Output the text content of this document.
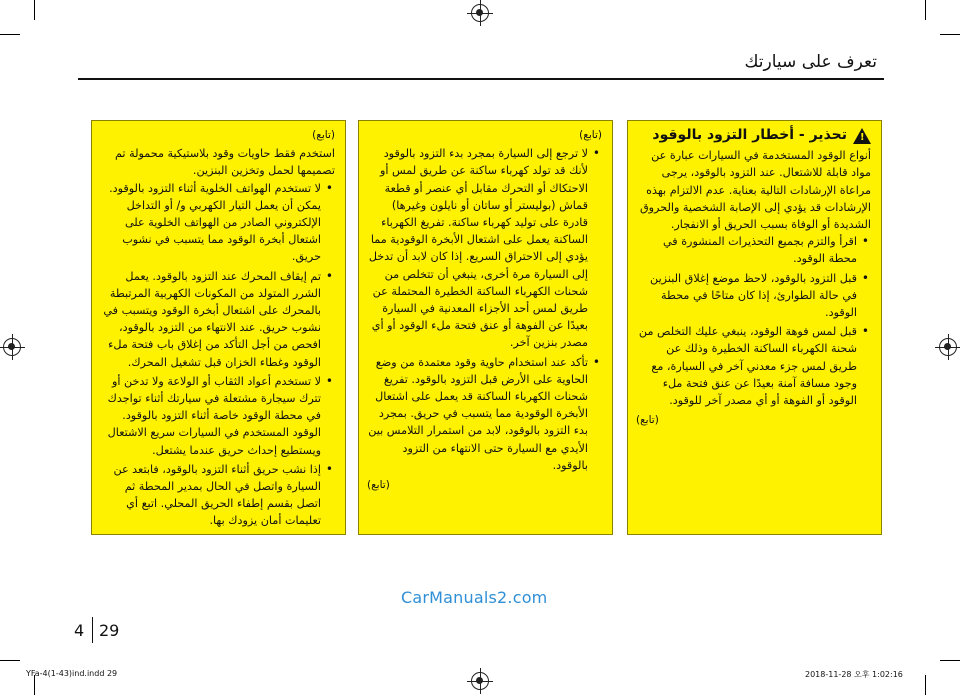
تعرف على سيارتك
!
تحذير - أخطار التزود بالوقود

أنواع الوقود المستخدمة في السيارات عبارة عن مواد قابلة للاشتعال. عند التزود بالوقود، يرجى مراعاة الإرشادات التالية بعناية. عدم الالتزام بهذه الإرشادات قد يؤدي إلى الإصابة الشخصية والحروق الشديدة أو الوفاة بسبب الحريق أو الانفجار.

• اقرأ والتزم بجميع التحذيرات المنشورة في محطة الوقود.
• قبل التزود بالوقود، لاحظ موضع إغلاق البنزين في حالة الطوارئ، إذا كان متاحًا في محطة الوقود.
• قبل لمس فوهة الوقود، ينبغي عليك التخلص من شحنة الكهرباء الساكنة الخطيرة وذلك عن طريق لمس جزء معدني آخر في السيارة، مع وجود مسافة آمنة بعيدًا عن عنق فتحة ملء الوقود أو الفوهة أو أي مصدر آخر للوقود.
(تابع)
(تابع)
• لا ترجع إلى السيارة بمجرد بدء التزود بالوقود لأنك قد تولد كهرباء ساكنة عن طريق لمس أو الاحتكاك أو التحرك مقابل أي عنصر أو قطعة قماش (بوليستر أو ساتان أو نايلون وغيرها) قادرة على توليد كهرباء ساكنة. تفريغ الكهرباء الساكنة يعمل على اشتعال الأبخرة الوقودية مما يؤدي إلى الاحتراق السريع. إذا كان لابد أن تدخل إلى السيارة مرة أخرى، ينبغي أن تتخلص من شحنات الكهرباء الساكنة الخطيرة المحتملة عن طريق لمس أحد الأجزاء المعدنية في السيارة بعيدًا عن الفوهة أو عنق فتحة ملء الوقود أو أي مصدر بنزين آخر.
• تأكد عند استخدام حاوية وقود معتمدة من وضع الحاوية على الأرض قبل التزود بالوقود. تفريغ شحنات الكهرباء الساكنة قد يعمل على اشتعال الأبخرة الوقودية مما يتسبب في حريق. بمجرد بدء التزود بالوقود، لابد من استمرار التلامس بين الأيدي مع السيارة حتى الانتهاء من التزود بالوقود.
(تابع)
(تابع)

استخدم فقط حاويات وقود بلاستيكية محمولة تم تصميمها لحمل وتخزين البنزين.

• لا تستخدم الهواتف الخلوية أثناء التزود بالوقود. يمكن أن يعمل التيار الكهربي و/ أو التداخل الإلكتروني الصادر من الهواتف الخلوية على اشتعال أبخرة الوقود مما يتسبب في نشوب حريق.
• تم إيقاف المحرك عند التزود بالوقود. يعمل الشرر المتولد من المكونات الكهربية المرتبطة بالمحرك على اشتعال أبخرة الوقود ويتسبب في نشوب حريق. عند الانتهاء من التزود بالوقود، افحص من أجل التأكد من إغلاق باب فتحة ملء الوقود وغطاء الخزان قبل تشغيل المحرك.
• لا تستخدم أعواد الثقاب أو الولاعة ولا تدخن أو تترك سيجارة مشتعلة في سيارتك أثناء تواجدك في محطة الوقود خاصة أثناء التزود بالوقود. الوقود المستخدم في السيارات سريع الاشتعال ويستطيع إحداث حريق عندما يشتعل.
• إذا نشب حريق أثناء التزود بالوقود، فابتعد عن السيارة واتصل في الحال بمدير المحطة ثم اتصل بقسم إطفاء الحريق المحلي. اتبع أي تعليمات أمان يزودك بها.
CarManuals2.com
4 29
YFa-4(1-43)ind.indd 29	2018-11-28 오후 1:02:16
